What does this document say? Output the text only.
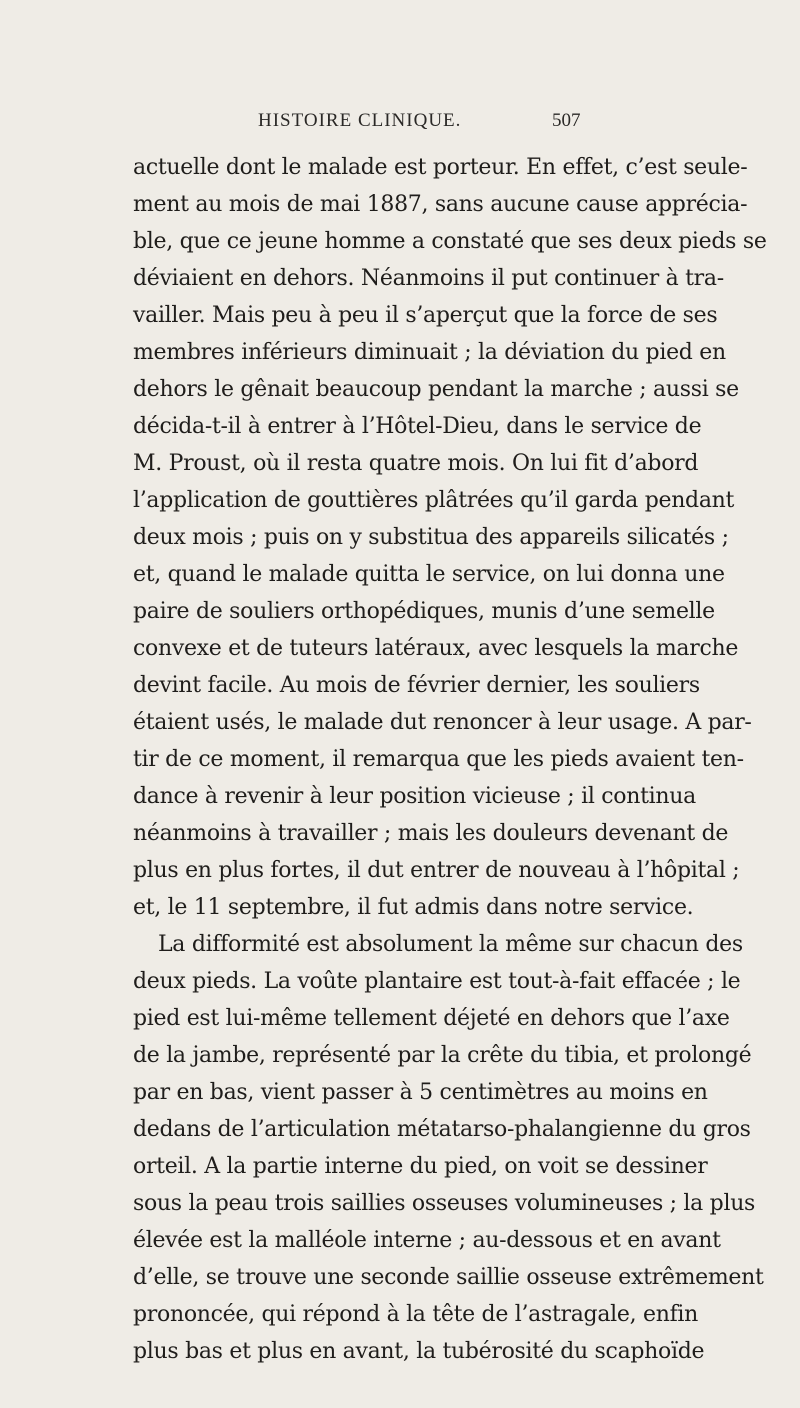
HISTOIRE CLINIQUE.	507
actuelle dont le malade est porteur. En effet, c’est seule-
ment au mois de mai 1887, sans aucune cause apprécia-
ble, que ce jeune homme a constaté que ses deux pieds se
déviaient en dehors. Néanmoins il put continuer à tra-
vailler. Mais peu à peu il s’aperçut que la force de ses
membres inférieurs diminuait ; la déviation du pied en
dehors le gênait beaucoup pendant la marche ; aussi se
décida-t-il à entrer à l’Hôtel-Dieu, dans le service de
M. Proust, où il resta quatre mois. On lui fit d’abord
l’application de gouttières plâtrées qu’il garda pendant
deux mois ; puis on y substitua des appareils silicatés ;
et, quand le malade quitta le service, on lui donna une
paire de souliers orthopédiques, munis d’une semelle
convexe et de tuteurs latéraux, avec lesquels la marche
devint facile. Au mois de février dernier, les souliers
étaient usés, le malade dut renoncer à leur usage. A par-
tir de ce moment, il remarqua que les pieds avaient ten-
dance à revenir à leur position vicieuse ; il continua
néanmoins à travailler ; mais les douleurs devenant de
plus en plus fortes, il dut entrer de nouveau à l’hôpital ;
et, le 11 septembre, il fut admis dans notre service.
La difformité est absolument la même sur chacun des
deux pieds. La voûte plantaire est tout-à-fait effacée ; le
pied est lui-même tellement déjeté en dehors que l’axe
de la jambe, représenté par la crête du tibia, et prolongé
par en bas, vient passer à 5 centimètres au moins en
dedans de l’articulation métatarso-phalangienne du gros
orteil. A la partie interne du pied, on voit se dessiner
sous la peau trois saillies osseuses volumineuses ; la plus
élevée est la malléole interne ; au-dessous et en avant
d’elle, se trouve une seconde saillie osseuse extrêmement
prononcée, qui répond à la tête de l’astragale, enfin
plus bas et plus en avant, la tubérosité du scaphoïde
